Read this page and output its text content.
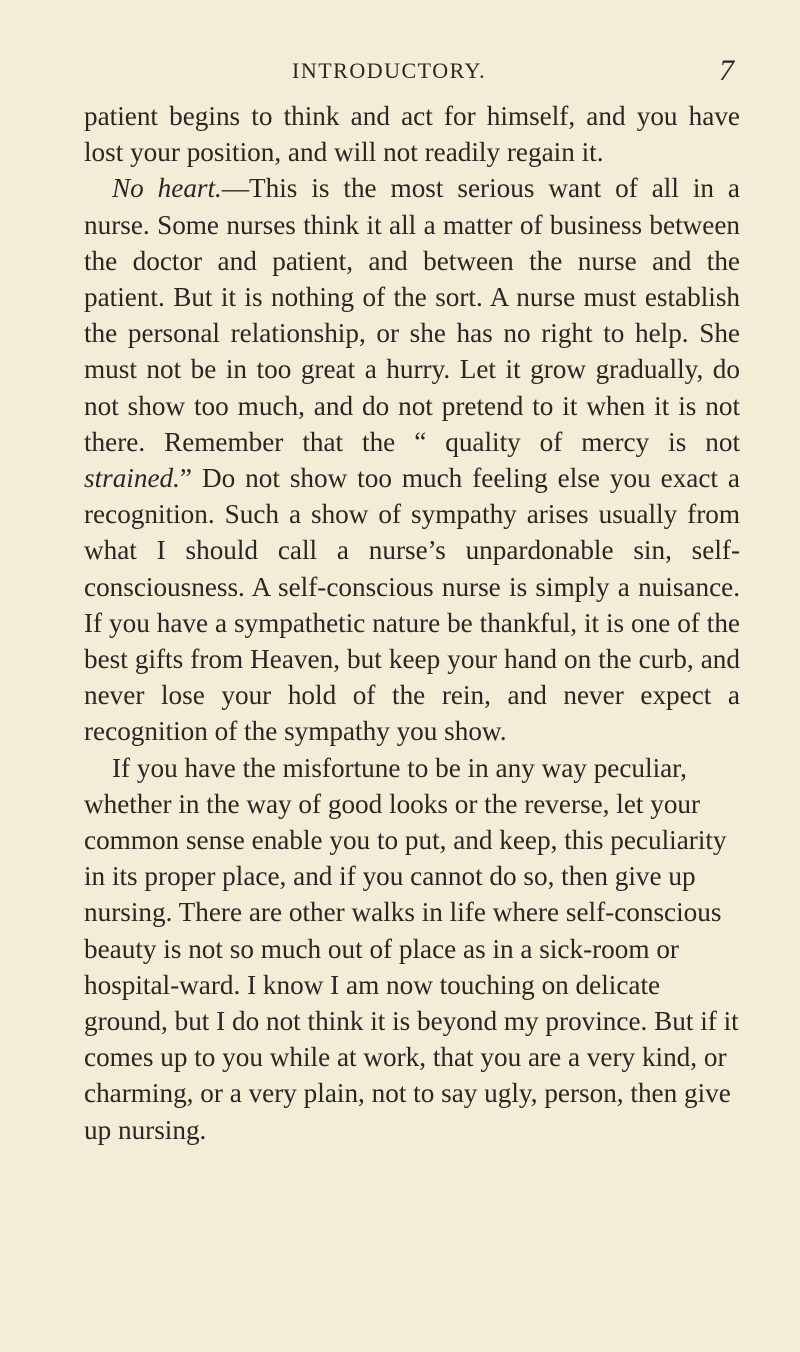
INTRODUCTORY.	7

patient begins to think and act for himself, and you have lost your position, and will not readily regain it.

No heart.—This is the most serious want of all in a nurse. Some nurses think it all a matter of business between the doctor and patient, and between the nurse and the patient. But it is nothing of the sort. A nurse must establish the personal relationship, or she has no right to help. She must not be in too great a hurry. Let it grow gradually, do not show too much, and do not pretend to it when it is not there. Remember that the “ quality of mercy is not strained.” Do not show too much feeling else you exact a recognition. Such a show of sympathy arises usually from what I should call a nurse’s unpardonable sin, self-consciousness. A self-conscious nurse is simply a nuisance. If you have a sympathetic nature be thankful, it is one of the best gifts from Heaven, but keep your hand on the curb, and never lose your hold of the rein, and never expect a recognition of the sympathy you show.

If you have the misfortune to be in any way peculiar, whether in the way of good looks or the reverse, let your common sense enable you to put, and keep, this peculiarity in its proper place, and if you cannot do so, then give up nursing. There are other walks in life where self-conscious beauty is not so much out of place as in a sick-room or hospital-ward. I know I am now touching on delicate ground, but I do not think it is beyond my province. But if it comes up to you while at work, that you are a very kind, or charming, or a very plain, not to say ugly, person, then give up nursing.
